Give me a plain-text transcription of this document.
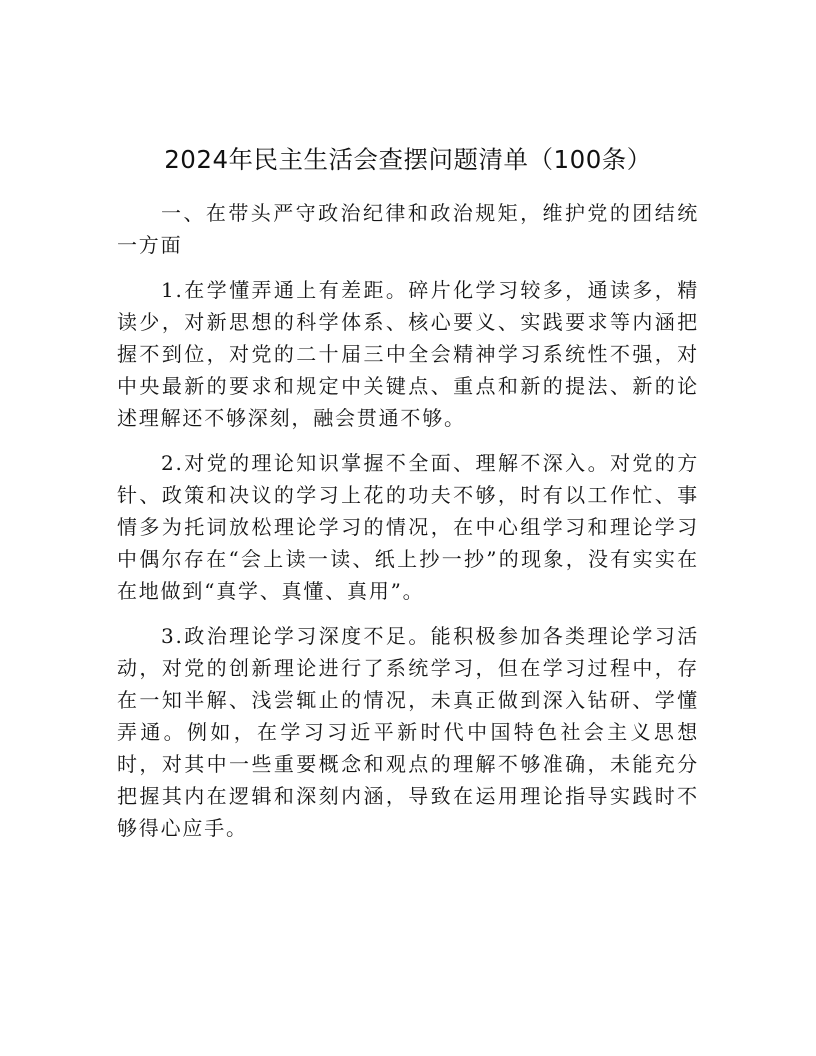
2024年民主生活会查摆问题清单（100条）

一、在带头严守政治纪律和政治规矩，维护党的团结统一方面

1.在学懂弄通上有差距。碎片化学习较多，通读多，精读少，对新思想的科学体系、核心要义、实践要求等内涵把握不到位，对党的二十届三中全会精神学习系统性不强，对中央最新的要求和规定中关键点、重点和新的提法、新的论述理解还不够深刻，融会贯通不够。

2.对党的理论知识掌握不全面、理解不深入。对党的方针、政策和决议的学习上花的功夫不够，时有以工作忙、事情多为托词放松理论学习的情况，在中心组学习和理论学习中偶尔存在“会上读一读、纸上抄一抄”的现象，没有实实在在地做到“真学、真懂、真用”。

3.政治理论学习深度不足。能积极参加各类理论学习活动，对党的创新理论进行了系统学习，但在学习过程中，存在一知半解、浅尝辄止的情况，未真正做到深入钻研、学懂弄通。例如，在学习习近平新时代中国特色社会主义思想时，对其中一些重要概念和观点的理解不够准确，未能充分把握其内在逻辑和深刻内涵，导致在运用理论指导实践时不够得心应手。
